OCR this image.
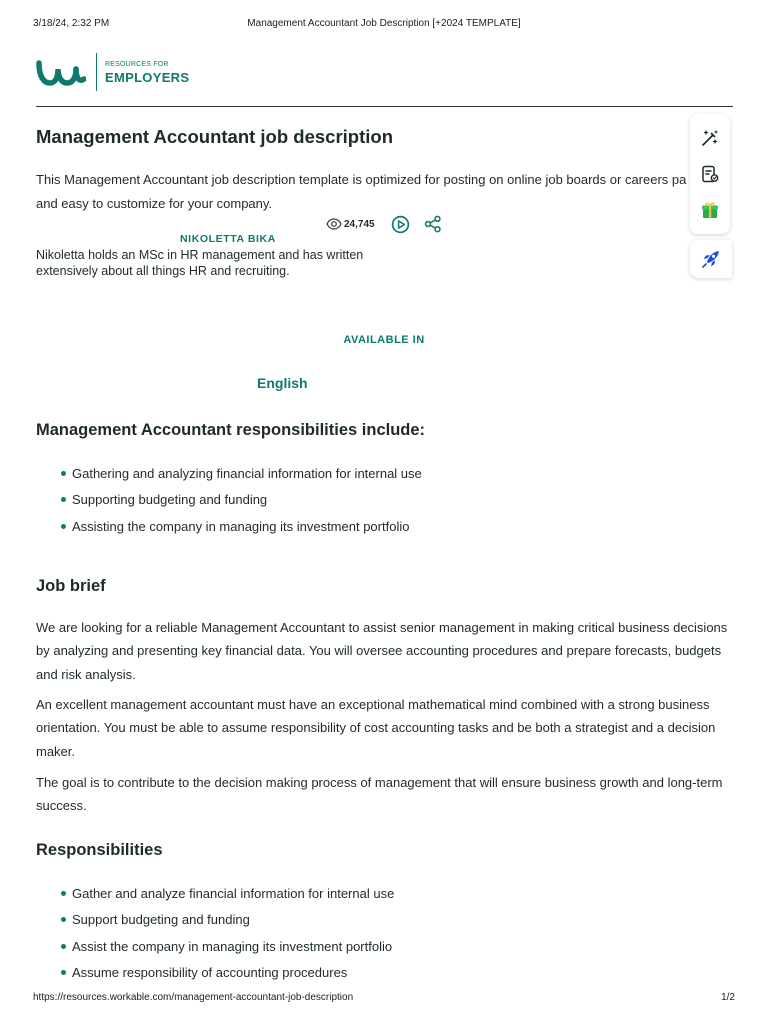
3/18/24, 2:32 PM	Management Accountant Job Description [+2024 TEMPLATE]
RESOURCES FOR
EMPLOYERS
Management Accountant job description
This Management Accountant job description template is optimized for posting on online job boards or careers pa
and easy to customize for your company.
24,745
NIKOLETTA BIKA
Nikoletta holds an MSc in HR management and has written
extensively about all things HR and recruiting.
AVAILABLE IN
English
Management Accountant responsibilities include:
Gathering and analyzing financial information for internal use
Supporting budgeting and funding
Assisting the company in managing its investment portfolio
Job brief

We are looking for a reliable Management Accountant to assist senior management in making critical business decisions
by analyzing and presenting key financial data. You will oversee accounting procedures and prepare forecasts, budgets
and risk analysis.

An excellent management accountant must have an exceptional mathematical mind combined with a strong business
orientation. You must be able to assume responsibility of cost accounting tasks and be both a strategist and a decision
maker.

The goal is to contribute to the decision making process of management that will ensure business growth and long-term
success.

Responsibilities
Gather and analyze financial information for internal use
Support budgeting and funding
Assist the company in managing its investment portfolio
Assume responsibility of accounting procedures
https://resources.workable.com/management-accountant-job-description	1/2
